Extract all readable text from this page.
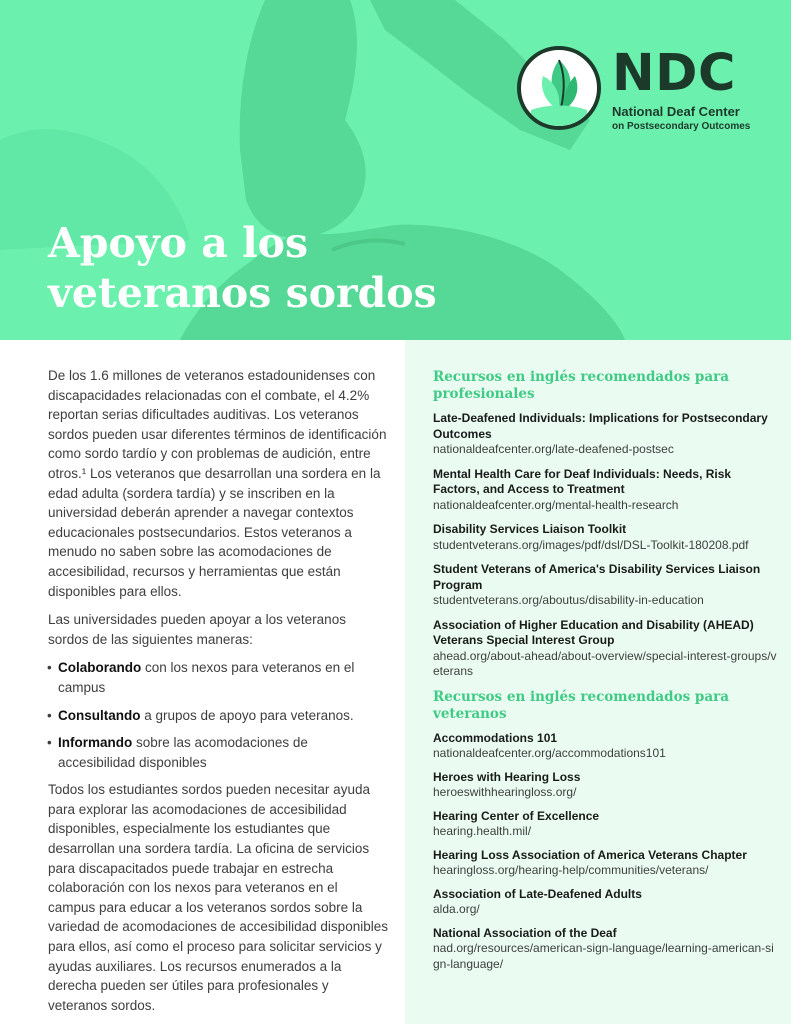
NDC
National Deaf Center
on Postsecondary Outcomes
Apoyo a los
veteranos sordos

De los 1.6 millones de veteranos estadounidenses con discapacidades relacionadas con el combate, el 4.2% reportan serias dificultades auditivas. Los veteranos sordos pueden usar diferentes términos de identificación como sordo tardío y con problemas de audición, entre otros.¹ Los veteranos que desarrollan una sordera en la edad adulta (sordera tardía) y se inscriben en la universidad deberán aprender a navegar contextos educacionales postsecundarios. Estos veteranos a menudo no saben sobre las acomodaciones de accesibilidad, recursos y herramientas que están disponibles para ellos.

Las universidades pueden apoyar a los veteranos sordos de las siguientes maneras:

• Colaborando con los nexos para veteranos en el campus
• Consultando a grupos de apoyo para veteranos.
• Informando sobre las acomodaciones de accesibilidad disponibles

Todos los estudiantes sordos pueden necesitar ayuda para explorar las acomodaciones de accesibilidad disponibles, especialmente los estudiantes que desarrollan una sordera tardía. La oficina de servicios para discapacitados puede trabajar en estrecha colaboración con los nexos para veteranos en el campus para educar a los veteranos sordos sobre la variedad de acomodaciones de accesibilidad disponibles para ellos, así como el proceso para solicitar servicios y ayudas auxiliares. Los recursos enumerados a la derecha pueden ser útiles para profesionales y veteranos sordos.

Recursos en inglés recomendados para profesionales
Late-Deafened Individuals: Implications for Postsecondary Outcomes
nationaldeafcenter.org/late-deafened-postsec
Mental Health Care for Deaf Individuals: Needs, Risk Factors, and Access to Treatment
nationaldeafcenter.org/mental-health-research
Disability Services Liaison Toolkit
studentveterans.org/images/pdf/dsl/DSL-Toolkit-180208.pdf
Student Veterans of America's Disability Services Liaison Program
studentveterans.org/aboutus/disability-in-education
Association of Higher Education and Disability (AHEAD) Veterans Special Interest Group
ahead.org/about-ahead/about-overview/special-interest-groups/veterans
Recursos en inglés recomendados para veteranos
Accommodations 101
nationaldeafcenter.org/accommodations101
Heroes with Hearing Loss
heroeswithhearingloss.org/
Hearing Center of Excellence
hearing.health.mil/
Hearing Loss Association of America Veterans Chapter
hearingloss.org/hearing-help/communities/veterans/
Association of Late-Deafened Adults
alda.org/
National Association of the Deaf
nad.org/resources/american-sign-language/learning-american-sign-language/
